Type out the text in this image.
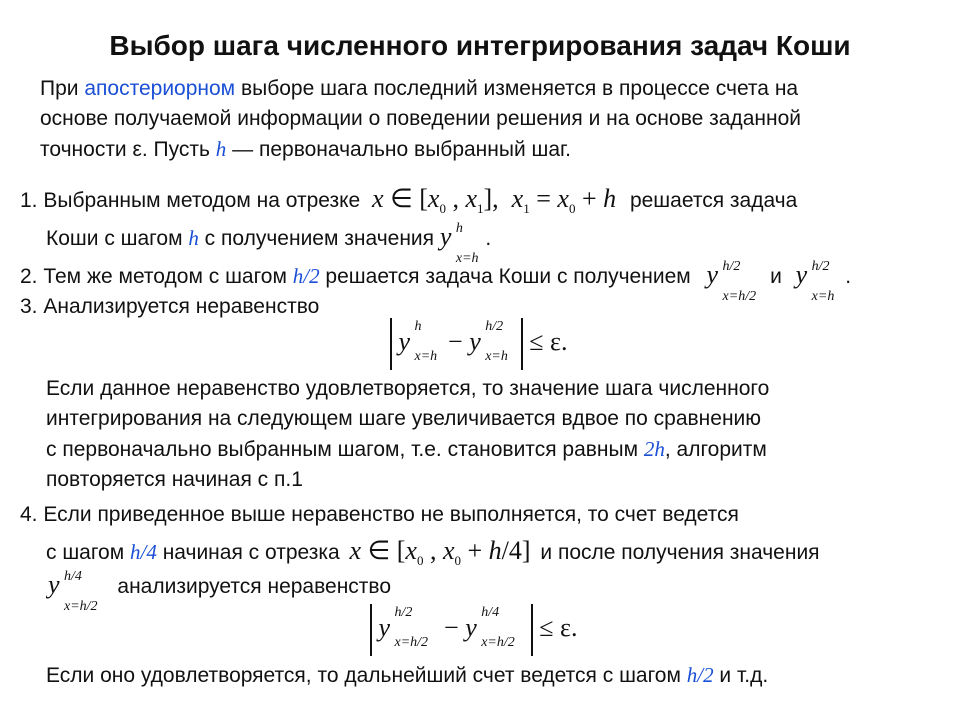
Выбор шага численного интегрирования задач Коши
При апостериорном выборе шага последний изменяется в процессе счета на
основе получаемой информации о поведении решения и на основе заданной
точности ε. Пусть h — первоначально выбранный шаг.
1. Выбранным методом на отрезке x ∈ [$x_0$ , $x_1$],  $x_1 = x_0 + h$ решается задача
Коши с шагом h с получением значения y h
x=h
.
2. Тем же методом с шагом h/2 решается задача Коши с получением y h/2
x=h/2
и y h/2
x=h
.
3. Анализируется неравенство
y
h
x=h
− y
h/2
x=h
≤ ε.
Если данное неравенство удовлетворяется, то значение шага численного
интегрирования на следующем шаге увеличивается вдвое по сравнению
с первоначально выбранным шагом, т.е. становится равным 2h, алгоритм
повторяется начиная с п.1
4. Если приведенное выше неравенство не выполняется, то счет ведется
с шагом h/4 начиная с отрезка x ∈ [$x_0$ , $x_0 + h/4$] и после получения значения
y h/4
x=h/2
анализируется неравенство
y
h/2
x=h/2
− y
h/4
x=h/2
≤ ε.
Если оно удовлетворяется, то дальнейший счет ведется с шагом h/2 и т.д.
